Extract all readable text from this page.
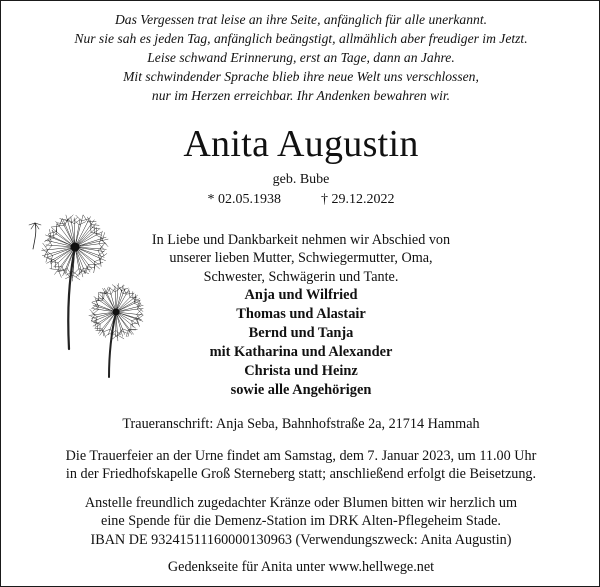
Das Vergessen trat leise an ihre Seite, anfänglich für alle unerkannt.
Nur sie sah es jeden Tag, anfänglich beängstigt, allmählich aber freudiger im Jetzt.
Leise schwand Erinnerung, erst an Tage, dann an Jahre.
Mit schwindender Sprache blieb ihre neue Welt uns verschlossen,
nur im Herzen erreichbar. Ihr Andenken bewahren wir.
Anita Augustin
geb. Bube
* 02.05.1938	† 29.12.2022
In Liebe und Dankbarkeit nehmen wir Abschied von
unserer lieben Mutter, Schwiegermutter, Oma,
Schwester, Schwägerin und Tante.
Anja und Wilfried
Thomas und Alastair
Bernd und Tanja
mit Katharina und Alexander
Christa und Heinz
sowie alle Angehörigen
Traueranschrift: Anja Seba, Bahnhofstraße 2a, 21714 Hammah
Die Trauerfeier an der Urne findet am Samstag, dem 7. Januar 2023, um 11.00 Uhr
in der Friedhofskapelle Groß Sterneberg statt; anschließend erfolgt die Beisetzung.
Anstelle freundlich zugedachter Kränze oder Blumen bitten wir herzlich um
eine Spende für die Demenz-Station im DRK Alten-Pflegeheim Stade.
IBAN DE 93241511160000130963 (Verwendungszweck: Anita Augustin)
Gedenkseite für Anita unter www.hellwege.net
